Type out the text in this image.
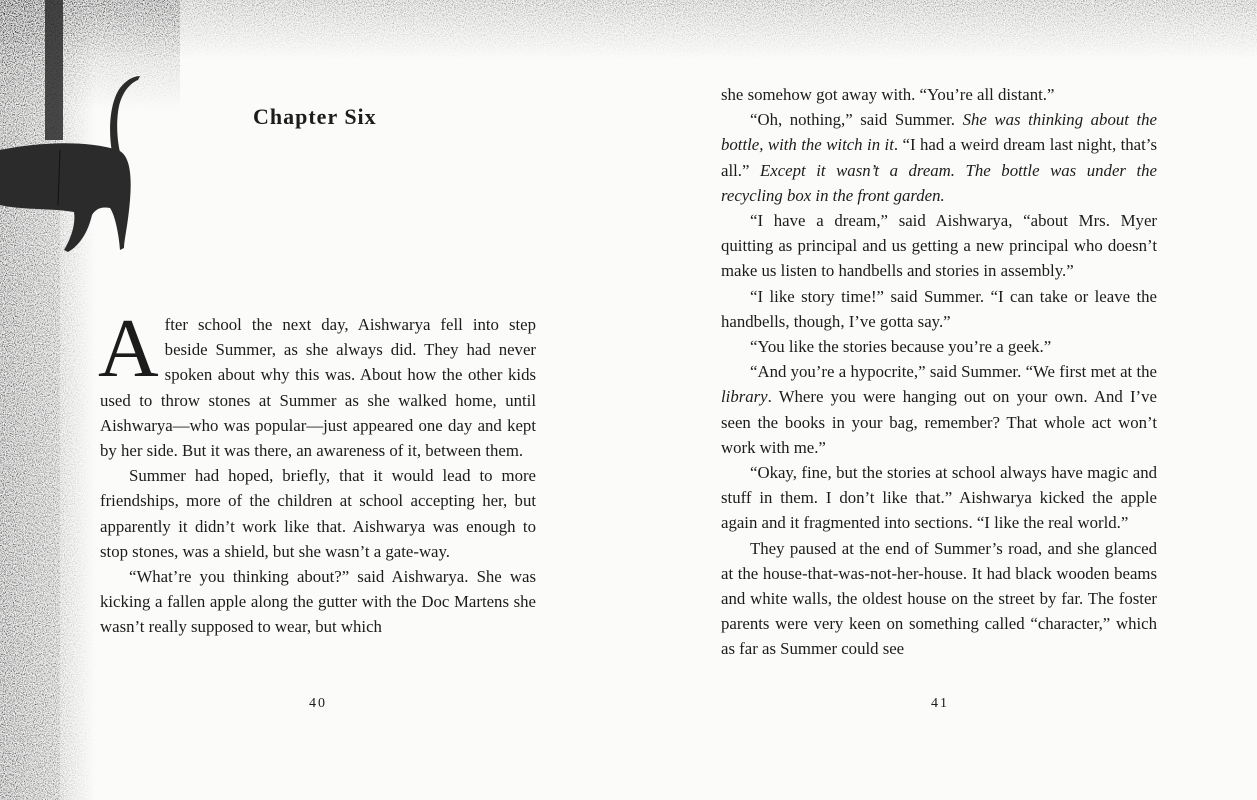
Chapter Six

After school the next day, Aishwarya fell into step beside Summer, as she always did. They had never spoken about why this was. About how the other kids used to throw stones at Summer as she walked home, until Aishwarya—who was popular—just appeared one day and kept by her side. But it was there, an awareness of it, between them.

Summer had hoped, briefly, that it would lead to more friendships, more of the children at school accepting her, but apparently it didn’t work like that. Aishwarya was enough to stop stones, was a shield, but she wasn’t a gate-way.

“What’re you thinking about?” said Aishwarya. She was kicking a fallen apple along the gutter with the Doc Martens she wasn’t really supposed to wear, but which

40

she somehow got away with. “You’re all distant.”

“Oh, nothing,” said Summer. She was thinking about the bottle, with the witch in it. “I had a weird dream last night, that’s all.” Except it wasn’t a dream. The bottle was under the recycling box in the front garden.

“I have a dream,” said Aishwarya, “about Mrs. Myer quitting as principal and us getting a new principal who doesn’t make us listen to handbells and stories in assembly.”

“I like story time!” said Summer. “I can take or leave the handbells, though, I’ve gotta say.”

“You like the stories because you’re a geek.”

“And you’re a hypocrite,” said Summer. “We first met at the library. Where you were hanging out on your own. And I’ve seen the books in your bag, remember? That whole act won’t work with me.”

“Okay, fine, but the stories at school always have magic and stuff in them. I don’t like that.” Aishwarya kicked the apple again and it fragmented into sections. “I like the real world.”

They paused at the end of Summer’s road, and she glanced at the house-that-was-not-her-house. It had black wooden beams and white walls, the oldest house on the street by far. The foster parents were very keen on something called “character,” which as far as Summer could see

41
